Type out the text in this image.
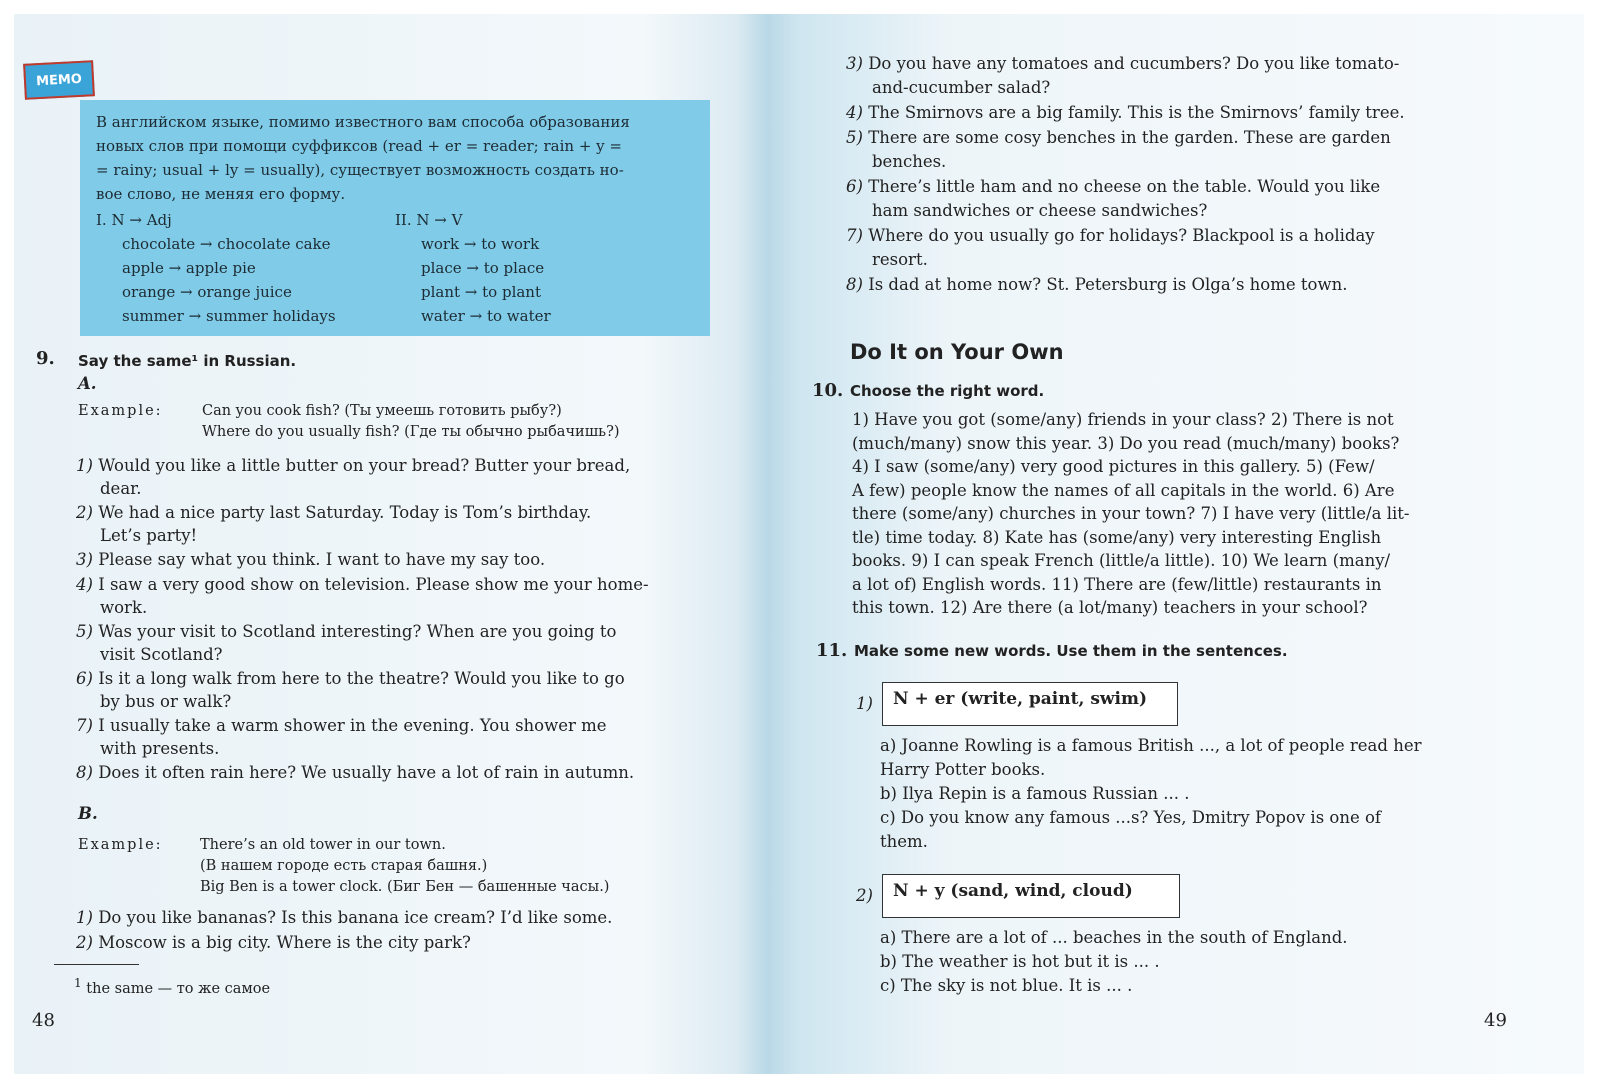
МЕМО

В английском языке, помимо известного вам способа образования

новых слов при помощи суффиксов (read + er = reader; rain + y =

= rainy; usual + ly = usually), существует возможность создать но-

вое слово, не меняя его форму.

I. N → Adj
chocolate → chocolate cake
apple → apple pie
orange → orange juice
summer → summer holidays
II. N → V
work → to work
place → to place
plant → to plant
water → to water
9. Say the same¹ in Russian.
A.
Example:	Can you cook fish? (Ты умеешь готовить рыбу?)
Where do you usually fish? (Где ты обычно рыбачишь?)
1) Would you like a little butter on your bread? Butter your bread,
dear.
2) We had a nice party last Saturday. Today is Tom’s birthday.
Let’s party!
3) Please say what you think. I want to have my say too.
4) I saw a very good show on television. Please show me your home-
work.
5) Was your visit to Scotland interesting? When are you going to
visit Scotland?
6) Is it a long walk from here to the theatre? Would you like to go
by bus or walk?
7) I usually take a warm shower in the evening. You shower me
with presents.
8) Does it often rain here? We usually have a lot of rain in autumn.
B.
Example:	There’s an old tower in our town.
(В нашем городе есть старая башня.)
Big Ben is a tower clock. (Биг Бен — башенные часы.)
1) Do you like bananas? Is this banana ice cream? I’d like some.
2) Moscow is a big city. Where is the city park?
$^1$ the same — то же самое
48
3) Do you have any tomatoes and cucumbers? Do you like tomato-
and-cucumber salad?
4) The Smirnovs are a big family. This is the Smirnovs’ family tree.
5) There are some cosy benches in the garden. These are garden
benches.
6) There’s little ham and no cheese on the table. Would you like
ham sandwiches or cheese sandwiches?
7) Where do you usually go for holidays? Blackpool is a holiday
resort.
8) Is dad at home now? St. Petersburg is Olga’s home town.
Do It on Your Own
10. Choose the right word.
1) Have you got (some/any) friends in your class? 2) There is not
(much/many) snow this year. 3) Do you read (much/many) books?
4) I saw (some/any) very good pictures in this gallery. 5) (Few/
A few) people know the names of all capitals in the world. 6) Are
there (some/any) churches in your town? 7) I have very (little/a lit-
tle) time today. 8) Kate has (some/any) very interesting English
books. 9) I can speak French (little/a little). 10) We learn (many/
a lot of) English words. 11) There are (few/little) restaurants in
this town. 12) Are there (a lot/many) teachers in your school?
11. Make some new words. Use them in the sentences.
1)	N + er (write, paint, swim)
a) Joanne Rowling is a famous British ..., a lot of people read her
Harry Potter books.
b) Ilya Repin is a famous Russian ... .
c) Do you know any famous ...s? Yes, Dmitry Popov is one of
them.
2)	N + y (sand, wind, cloud)
a) There are a lot of ... beaches in the south of England.
b) The weather is hot but it is ... .
c) The sky is not blue. It is ... .
49
